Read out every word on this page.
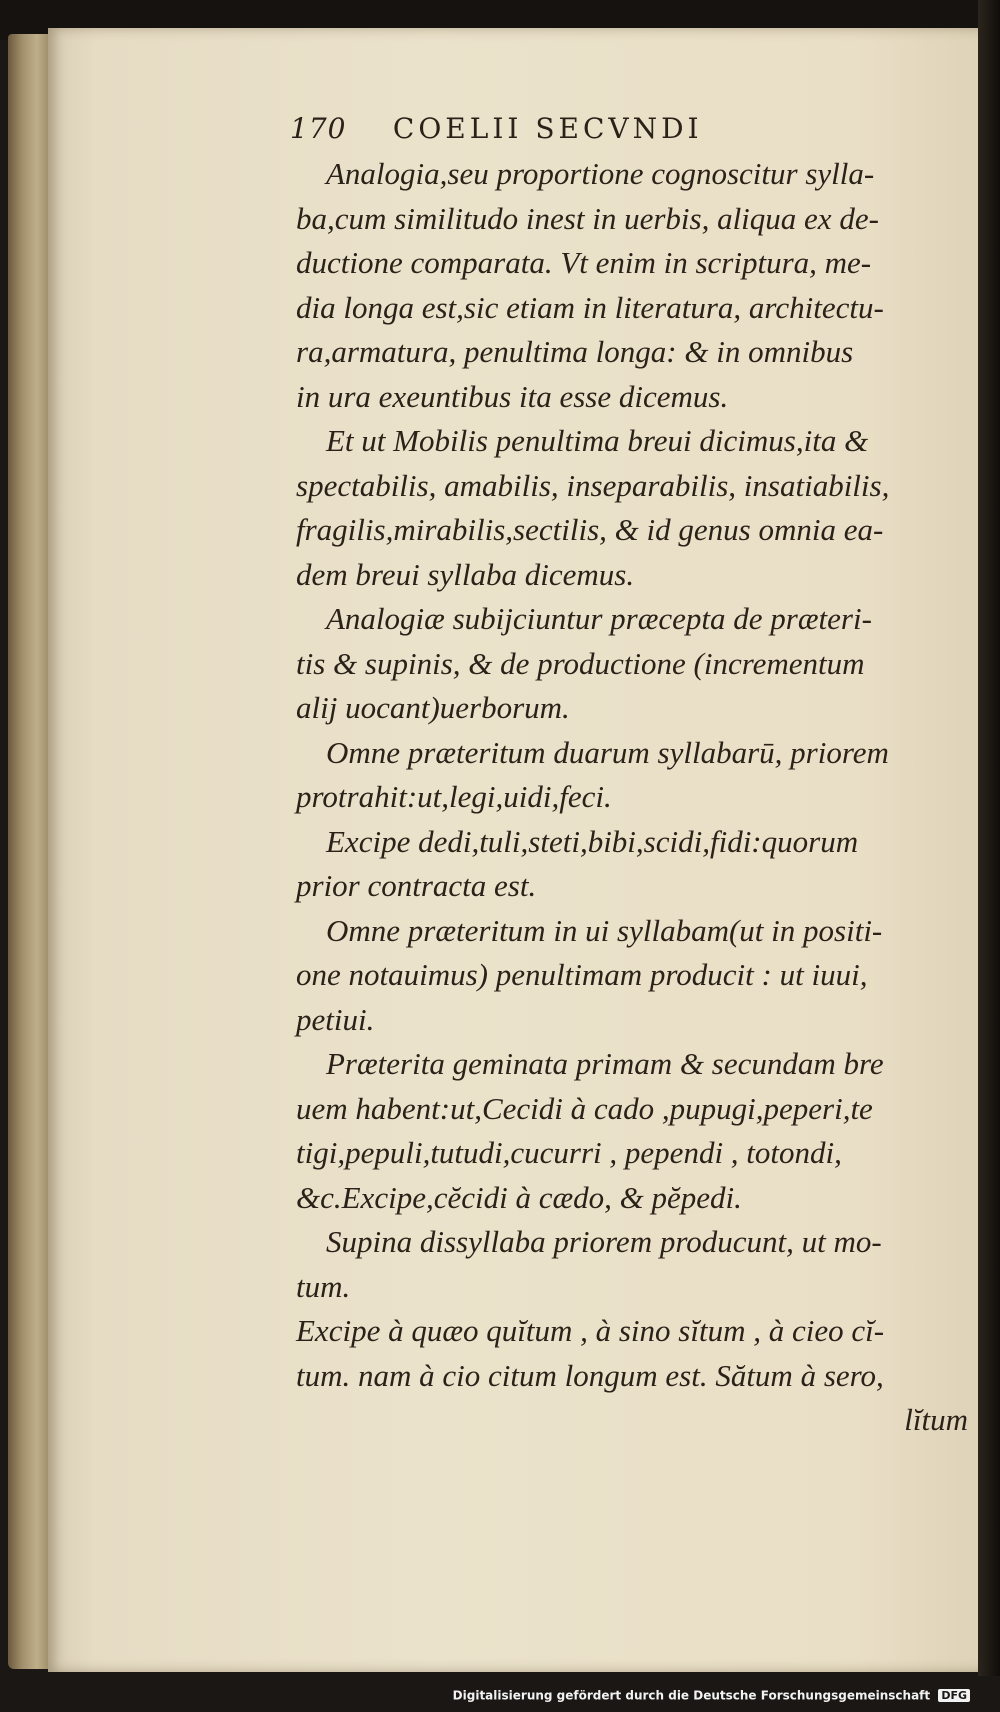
170 COELII SECVNDI
Analogia,seu proportione cognoscitur sylla-
ba,cum similitudo inest in uerbis, aliqua ex de-
ductione comparata. Vt enim in scriptura, me-
dia longa est,sic etiam in literatura, architectu-
ra,armatura, penultima longa: & in omnibus
in ura exeuntibus ita esse dicemus.
Et ut Mobilis penultima breui dicimus,ita &
spectabilis, amabilis, inseparabilis, insatiabilis,
fragilis,mirabilis,sectilis, & id genus omnia ea-
dem breui syllaba dicemus.
Analogiæ subijciuntur præcepta de præteri-
tis & supinis, & de productione (incrementum
alij uocant)uerborum.
Omne præteritum duarum syllabarū, priorem
protrahit:ut,legi,uidi,feci.
Excipe dedi,tuli,steti,bibi,scidi,fidi:quorum
prior contracta est.
Omne præteritum in ui syllabam(ut in positi-
one notauimus) penultimam producit : ut iuui,
petiui.
Præterita geminata primam & secundam bre
uem habent:ut,Cecidi à cado ,pupugi,peperi,te
tigi,pepuli,tutudi,cucurri , pependi , totondi,
&c.Excipe,cĕcidi à cædo, & pĕpedi.
Supina dissyllaba priorem producunt, ut mo-
tum.
Excipe à quæo quĭtum , à sino sĭtum , à cieo cĭ-
tum. nam à cio citum longum est. Sătum à sero,
lĭtum
Digitalisierung gefördert durch die Deutsche Forschungsgemeinschaft DFG
